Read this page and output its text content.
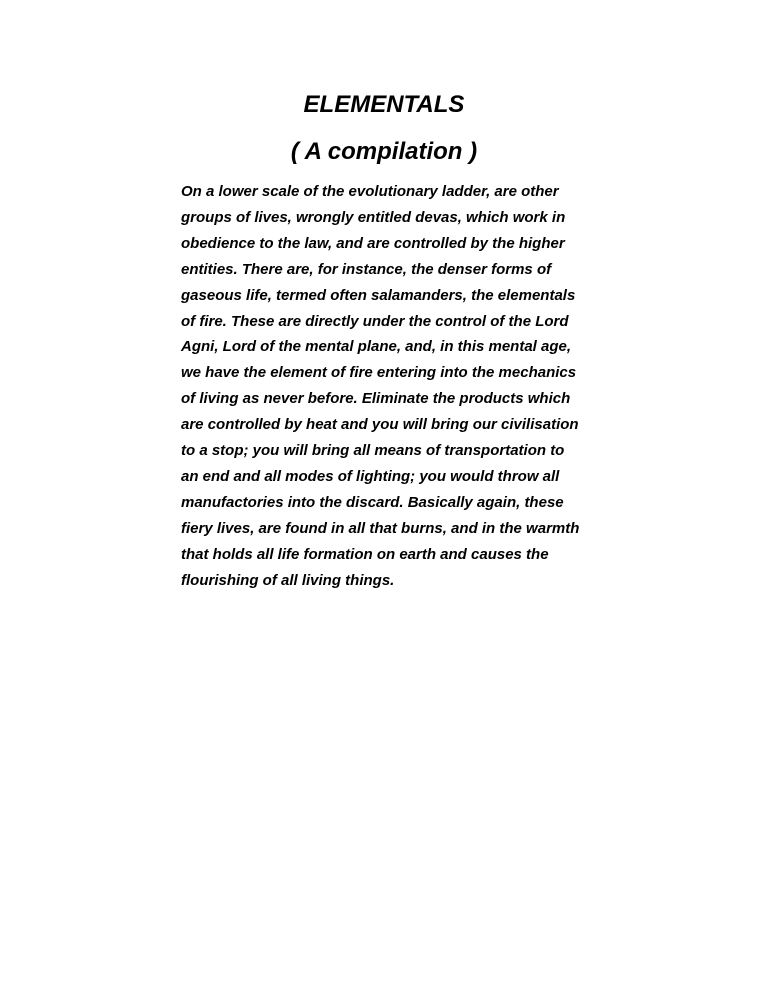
ELEMENTALS
( A compilation )

On a lower scale of the evolutionary ladder, are other
groups of lives, wrongly entitled devas, which work in
obedience to the law, and are controlled by the higher
entities. There are, for instance, the denser forms of
gaseous life, termed often salamanders, the elementals
of fire. These are directly under the control of the Lord
Agni, Lord of the mental plane, and, in this mental age,
we have the element of fire entering into the mechanics
of living as never before. Eliminate the products which
are controlled by heat and you will bring our civilisation
to a stop; you will bring all means of transportation to
an end and all modes of lighting; you would throw all
manufactories into the discard. Basically again, these
fiery lives, are found in all that burns, and in the warmth
that holds all life formation on earth and causes the
flourishing of all living things.
